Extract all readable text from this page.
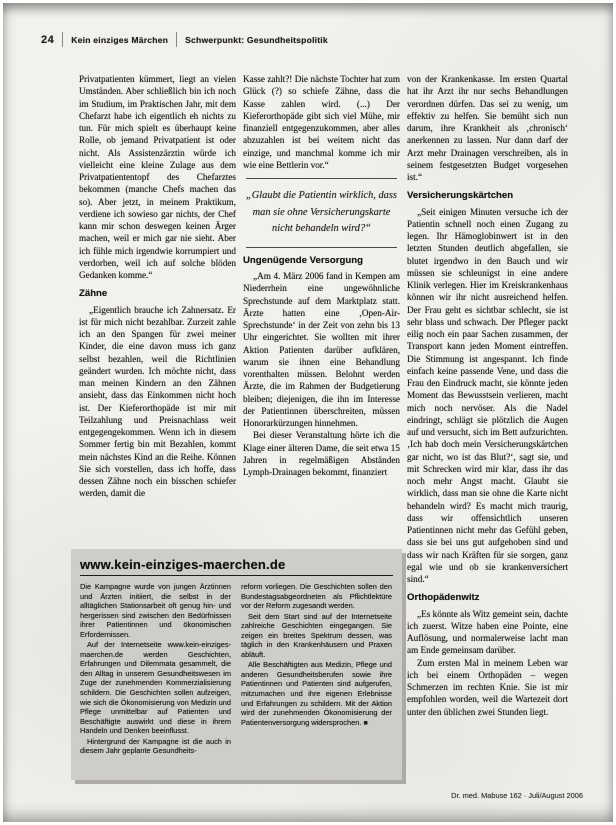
24 Kein einziges Märchen Schwerpunkt: Gesundheitspolitik

Privatpatienten kümmert, liegt an vielen Umständen. Aber schließlich bin ich noch im Studium, im Praktischen Jahr, mit dem Chefarzt habe ich eigentlich eh nichts zu tun. Für mich spielt es überhaupt keine Rolle, ob jemand Privatpatient ist oder nicht. Als Assistenzärztin würde ich vielleicht eine kleine Zulage aus dem Privatpatiententopf des Chefarztes bekommen (manche Chefs machen das so). Aber jetzt, in meinem Praktikum, verdiene ich sowieso gar nichts, der Chef kann mir schon deswegen keinen Ärger machen, weil er mich gar nie sieht. Aber ich fühle mich irgendwie korrumpiert und verdorben, weil ich auf solche blöden Gedanken komme.“

Zähne

„Eigentlich brauche ich Zahnersatz. Er ist für mich nicht bezahlbar. Zurzeit zahle ich an den Spangen für zwei meiner Kinder, die eine davon muss ich ganz selbst bezahlen, weil die Richtlinien geändert wurden. Ich möchte nicht, dass man meinen Kindern an den Zähnen ansieht, dass das Einkommen nicht hoch ist. Der Kieferorthopäde ist mir mit Teilzahlung und Preisnachlass weit entgegengekommen. Wenn ich in diesem Sommer fertig bin mit Bezahlen, kommt mein nächstes Kind an die Reihe. Können Sie sich vorstellen, dass ich hoffe, dass dessen Zähne noch ein bisschen schiefer werden, damit die

Kasse zahlt?! Die nächste Tochter hat zum Glück (?) so schiefe Zähne, dass die Kasse zahlen wird. (...) Der Kieferorthopäde gibt sich viel Mühe, mir finanziell entgegenzukommen, aber alles abzuzahlen ist bei weitem nicht das einzige, und manchmal komme ich mir wie eine Bettlerin vor.“

„Glaubt die Patientin wirklich, dass man sie ohne Versicherungskarte nicht behandeln wird?“
Ungenügende Versorgung

„Am 4. März 2006 fand in Kempen am Niederrhein eine ungewöhnliche Sprechstunde auf dem Marktplatz statt. Ärzte hatten eine ‚Open-Air-Sprechstunde‘ in der Zeit von zehn bis 13 Uhr eingerichtet. Sie wollten mit ihrer Aktion Patienten darüber aufklären, warum sie ihnen eine Behandlung vorenthalten müssen. Belohnt werden Ärzte, die im Rahmen der Budgetierung bleiben; diejenigen, die ihn im Interesse der Patientinnen überschreiten, müssen Honorarkürzungen hinnehmen.

Bei dieser Veranstaltung hörte ich die Klage einer älteren Dame, die seit etwa 15 Jahren in regelmäßigen Abständen Lymph-Drainagen bekommt, finanziert

von der Krankenkasse. Im ersten Quartal hat ihr Arzt ihr nur sechs Behandlungen verordnen dürfen. Das sei zu wenig, um effektiv zu helfen. Sie bemüht sich nun darum, ihre Krankheit als ‚chronisch‘ anerkennen zu lassen. Nur dann darf der Arzt mehr Drainagen verschreiben, als in seinem festgesetzten Budget vorgesehen ist.“

Versicherungskärtchen

„Seit einigen Minuten versuche ich der Patientin schnell noch einen Zugang zu legen. Ihr Hämoglobinwert ist in den letzten Stunden deutlich abgefallen, sie blutet irgendwo in den Bauch und wir müssen sie schleunigst in eine andere Klinik verlegen. Hier im Kreiskrankenhaus können wir ihr nicht ausreichend helfen. Der Frau geht es sichtbar schlecht, sie ist sehr blass und schwach. Der Pfleger packt eilig noch ein paar Sachen zusammen, der Transport kann jeden Moment eintreffen. Die Stimmung ist angespannt. Ich finde einfach keine passende Vene, und dass die Frau den Eindruck macht, sie könnte jeden Moment das Bewusstsein verlieren, macht mich noch nervöser. Als die Nadel eindringt, schlägt sie plötzlich die Augen auf und versucht, sich im Bett aufzurichten. ‚Ich hab doch mein Versicherungskärtchen gar nicht, wo ist das Blut?‘, sagt sie, und mit Schrecken wird mir klar, dass ihr das noch mehr Angst macht. Glaubt sie wirklich, dass man sie ohne die Karte nicht behandeln wird? Es macht mich traurig, dass wir offensichtlich unseren Patientinnen nicht mehr das Gefühl geben, dass sie bei uns gut aufgehoben sind und dass wir nach Kräften für sie sorgen, ganz egal wie und ob sie krankenversichert sind.“

Orthopädenwitz

„Es könnte als Witz gemeint sein, dachte ich zuerst. Witze haben eine Pointe, eine Auflösung, und normalerweise lacht man am Ende gemeinsam darüber.

Zum ersten Mal in meinem Leben war ich bei einem Orthopäden – wegen Schmerzen im rechten Knie. Sie ist mir empfohlen worden, weil die Wartezeit dort unter den üblichen zwei Stunden liegt.

www.kein-einziges-maerchen.de

Die Kampagne wurde von jungen Ärztinnen und Ärzten initiiert, die selbst in der alltäglichen Stationsarbeit oft genug hin- und hergerissen sind zwischen den Bedürfnissen ihrer Patientinnen und ökonomischen Erfordernissen.

Auf der Internetseite www.kein-einziges-maerchen.de werden Geschichten, Erfahrungen und Dilemmata gesammelt, die den Alltag in unserem Gesundheitswesen im Zuge der zunehmenden Kommerzialisierung schildern. Die Geschichten sollen aufzeigen, wie sich die Ökonomisierung von Medizin und Pflege unmittelbar auf Patienten und Beschäftigte auswirkt und diese in ihrem Handeln und Denken beeinflusst.

Hintergrund der Kampagne ist die auch in diesem Jahr geplante Gesundheits-

reform vorliegen. Die Geschichten sollen den Bundestagsabgeordneten als Pflichtlektüre vor der Reform zugesandt werden.

Seit dem Start sind auf der Internetseite zahlreiche Geschichten eingegangen. Sie zeigen ein breites Spektrum dessen, was täglich in den Krankenhäusern und Praxen abläuft.

Alle Beschäftigten aus Medizin, Pflege und anderen Gesundheitsberufen sowie ihre Patientinnen und Patienten sind aufgerufen, mitzumachen und ihre eigenen Erlebnisse und Erfahrungen zu schildern. Mit der Aktion wird der zunehmenden Ökonomisierung der Patientenversorgung widersprochen. ■

Dr. med. Mabuse 162 · Juli/August 2006
